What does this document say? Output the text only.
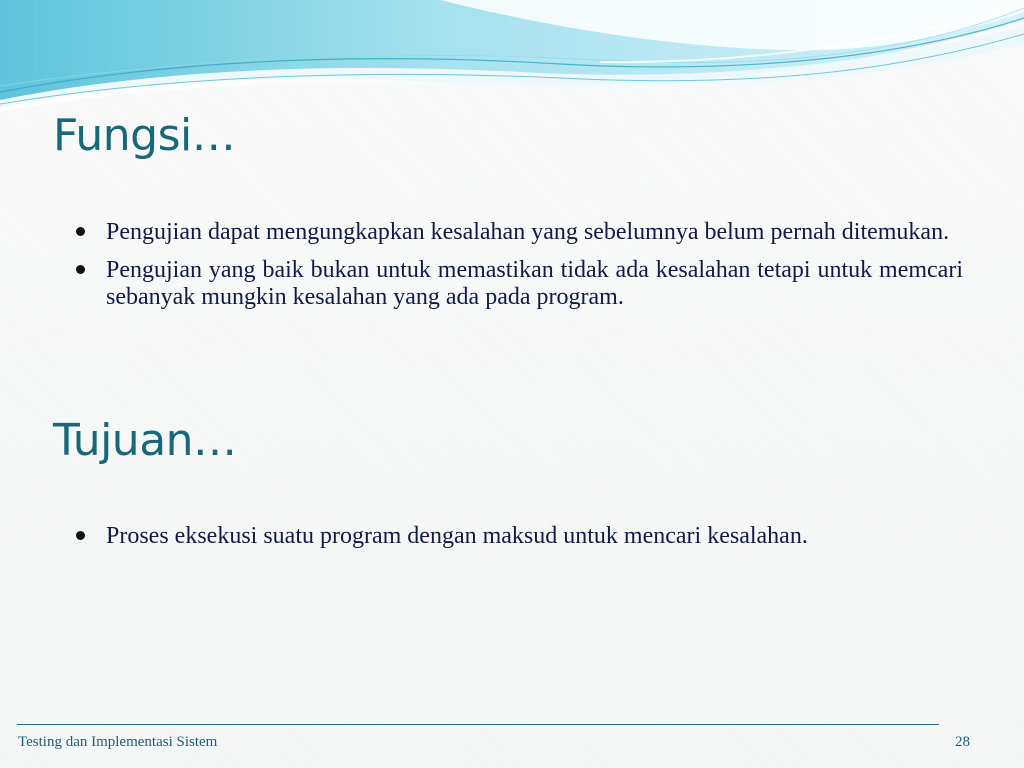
Fungsi…
Pengujian dapat mengungkapkan kesalahan yang sebelumnya belum pernah ditemukan.
Pengujian yang baik bukan untuk memastikan tidak ada kesalahan tetapi untuk memcari sebanyak mungkin kesalahan yang ada pada program.
Tujuan…
Proses eksekusi suatu program dengan maksud untuk mencari kesalahan.
Testing dan Implementasi Sistem	28
